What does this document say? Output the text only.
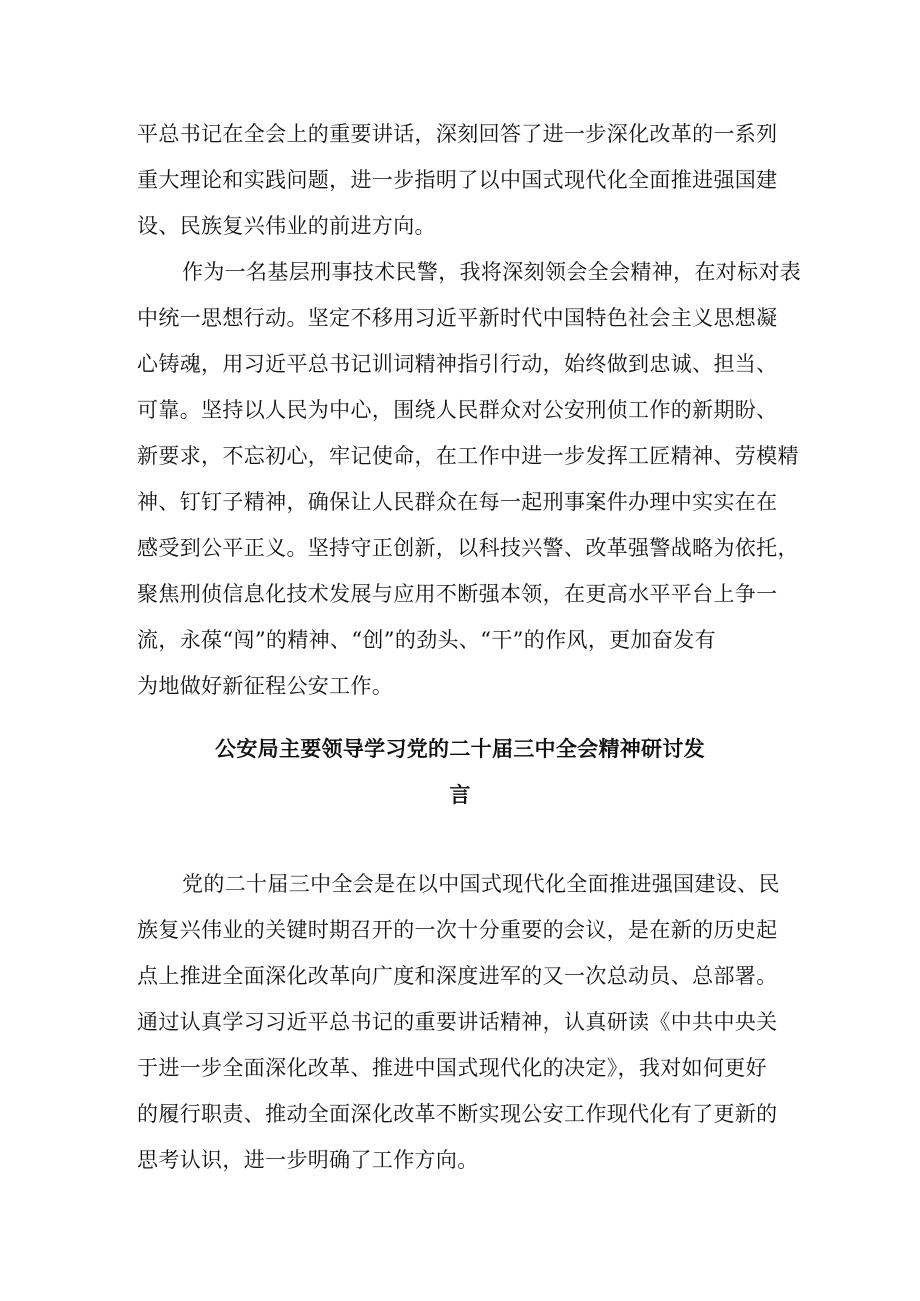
平总书记在全会上的重要讲话，深刻回答了进一步深化改革的一系列
重大理论和实践问题，进一步指明了以中国式现代化全面推进强国建
设、民族复兴伟业的前进方向。
作为一名基层刑事技术民警，我将深刻领会全会精神，在对标对表
中统一思想行动。坚定不移用习近平新时代中国特色社会主义思想凝
心铸魂，用习近平总书记训词精神指引行动，始终做到忠诚、担当、
可靠。坚持以人民为中心，围绕人民群众对公安刑侦工作的新期盼、
新要求，不忘初心，牢记使命，在工作中进一步发挥工匠精神、劳模精
神、钉钉子精神，确保让人民群众在每一起刑事案件办理中实实在在
感受到公平正义。坚持守正创新，以科技兴警、改革强警战略为依托，
聚焦刑侦信息化技术发展与应用不断强本领，在更高水平平台上争一
流，永葆“闯”的精神、“创”的劲头、“干”的作风，更加奋发有
为地做好新征程公安工作。
公安局主要领导学习党的二十届三中全会精神研讨发
言
党的二十届三中全会是在以中国式现代化全面推进强国建设、民
族复兴伟业的关键时期召开的一次十分重要的会议，是在新的历史起
点上推进全面深化改革向广度和深度进军的又一次总动员、总部署。
通过认真学习习近平总书记的重要讲话精神，认真研读《中共中央关
于进一步全面深化改革、推进中国式现代化的决定》，我对如何更好
的履行职责、推动全面深化改革不断实现公安工作现代化有了更新的
思考认识，进一步明确了工作方向。
